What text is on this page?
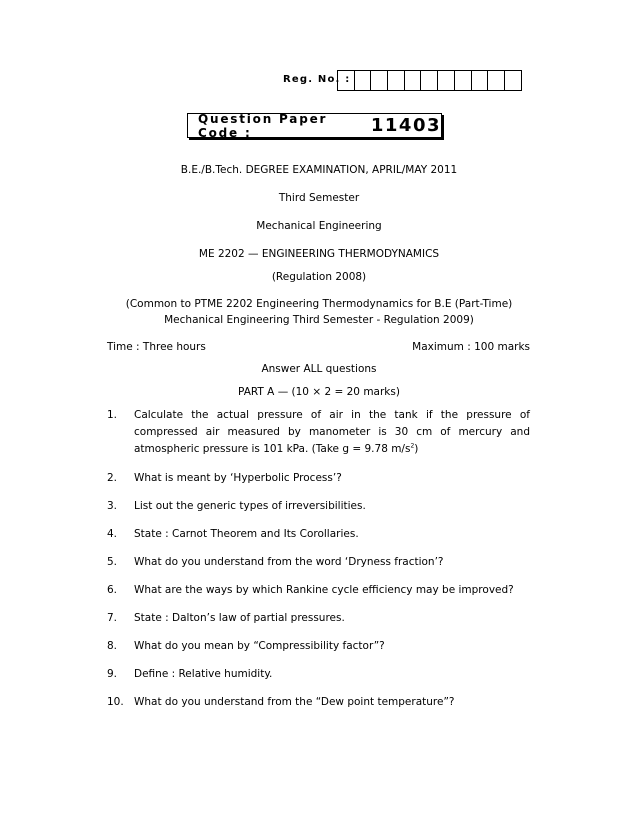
Reg. No. :
Question Paper Code :	11403
B.E./B.Tech. DEGREE EXAMINATION, APRIL/MAY 2011
Third Semester
Mechanical Engineering
ME 2202 — ENGINEERING THERMODYNAMICS
(Regulation 2008)
(Common to PTME 2202 Engineering Thermodynamics for B.E (Part-Time)
Mechanical Engineering Third Semester - Regulation 2009)
Time : Three hours	Maximum : 100 marks
Answer ALL questions
PART A — (10 × 2 = 20 marks)
1. Calculate the actual pressure of air in the tank if the pressure of
compressed air measured by manometer is 30 cm of mercury and
atmospheric pressure is 101 kPa. (Take g = 9.78 $m/s^2$)
2. What is meant by ‘Hyperbolic Process’?
3. List out the generic types of irreversibilities.
4. State : Carnot Theorem and Its Corollaries.
5. What do you understand from the word ‘Dryness fraction’?
6. What are the ways by which Rankine cycle efficiency may be improved?
7. State : Dalton’s law of partial pressures.
8. What do you mean by “Compressibility factor”?
9. Define : Relative humidity.
10. What do you understand from the “Dew point temperature”?
